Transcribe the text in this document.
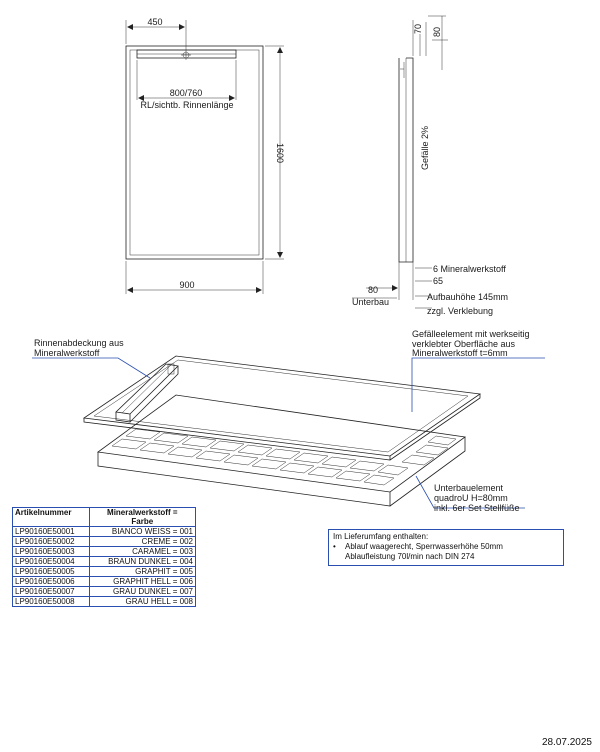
450
800/760
RL/sichtb. Rinnenlänge
1600
900
70 80
Gefälle 2%
6 Mineralwerkstoff
65
80
Unterbau	Aufbauhöhe 145mm
zzgl. Verklebung
Rinnenabdeckung aus
Mineralwerkstoff
Gefälleelement mit werkseitig
verklebter Oberfläche aus
Mineralwerkstoff t=6mm
Unterbauelement
quadroU H=80mm
inkl. 6er Set Stellfüße
Artikelnummer	Mineralwerkstoff =
Farbe
LP90160E50001	BIANCO WEISS = 001
LP90160E50002	CREME = 002
LP90160E50003	CARAMEL = 003
LP90160E50004	BRAUN DUNKEL = 004
LP90160E50005	GRAPHIT = 005
LP90160E50006	GRAPHIT HELL = 006
LP90160E50007	GRAU DUNKEL = 007
LP90160E50008	GRAU HELL = 008
Im Lieferumfang enthalten:
•	Ablauf waagerecht, Sperrwasserhöhe 50mm
Ablaufleistung 70l/min nach DIN 274
28.07.2025
